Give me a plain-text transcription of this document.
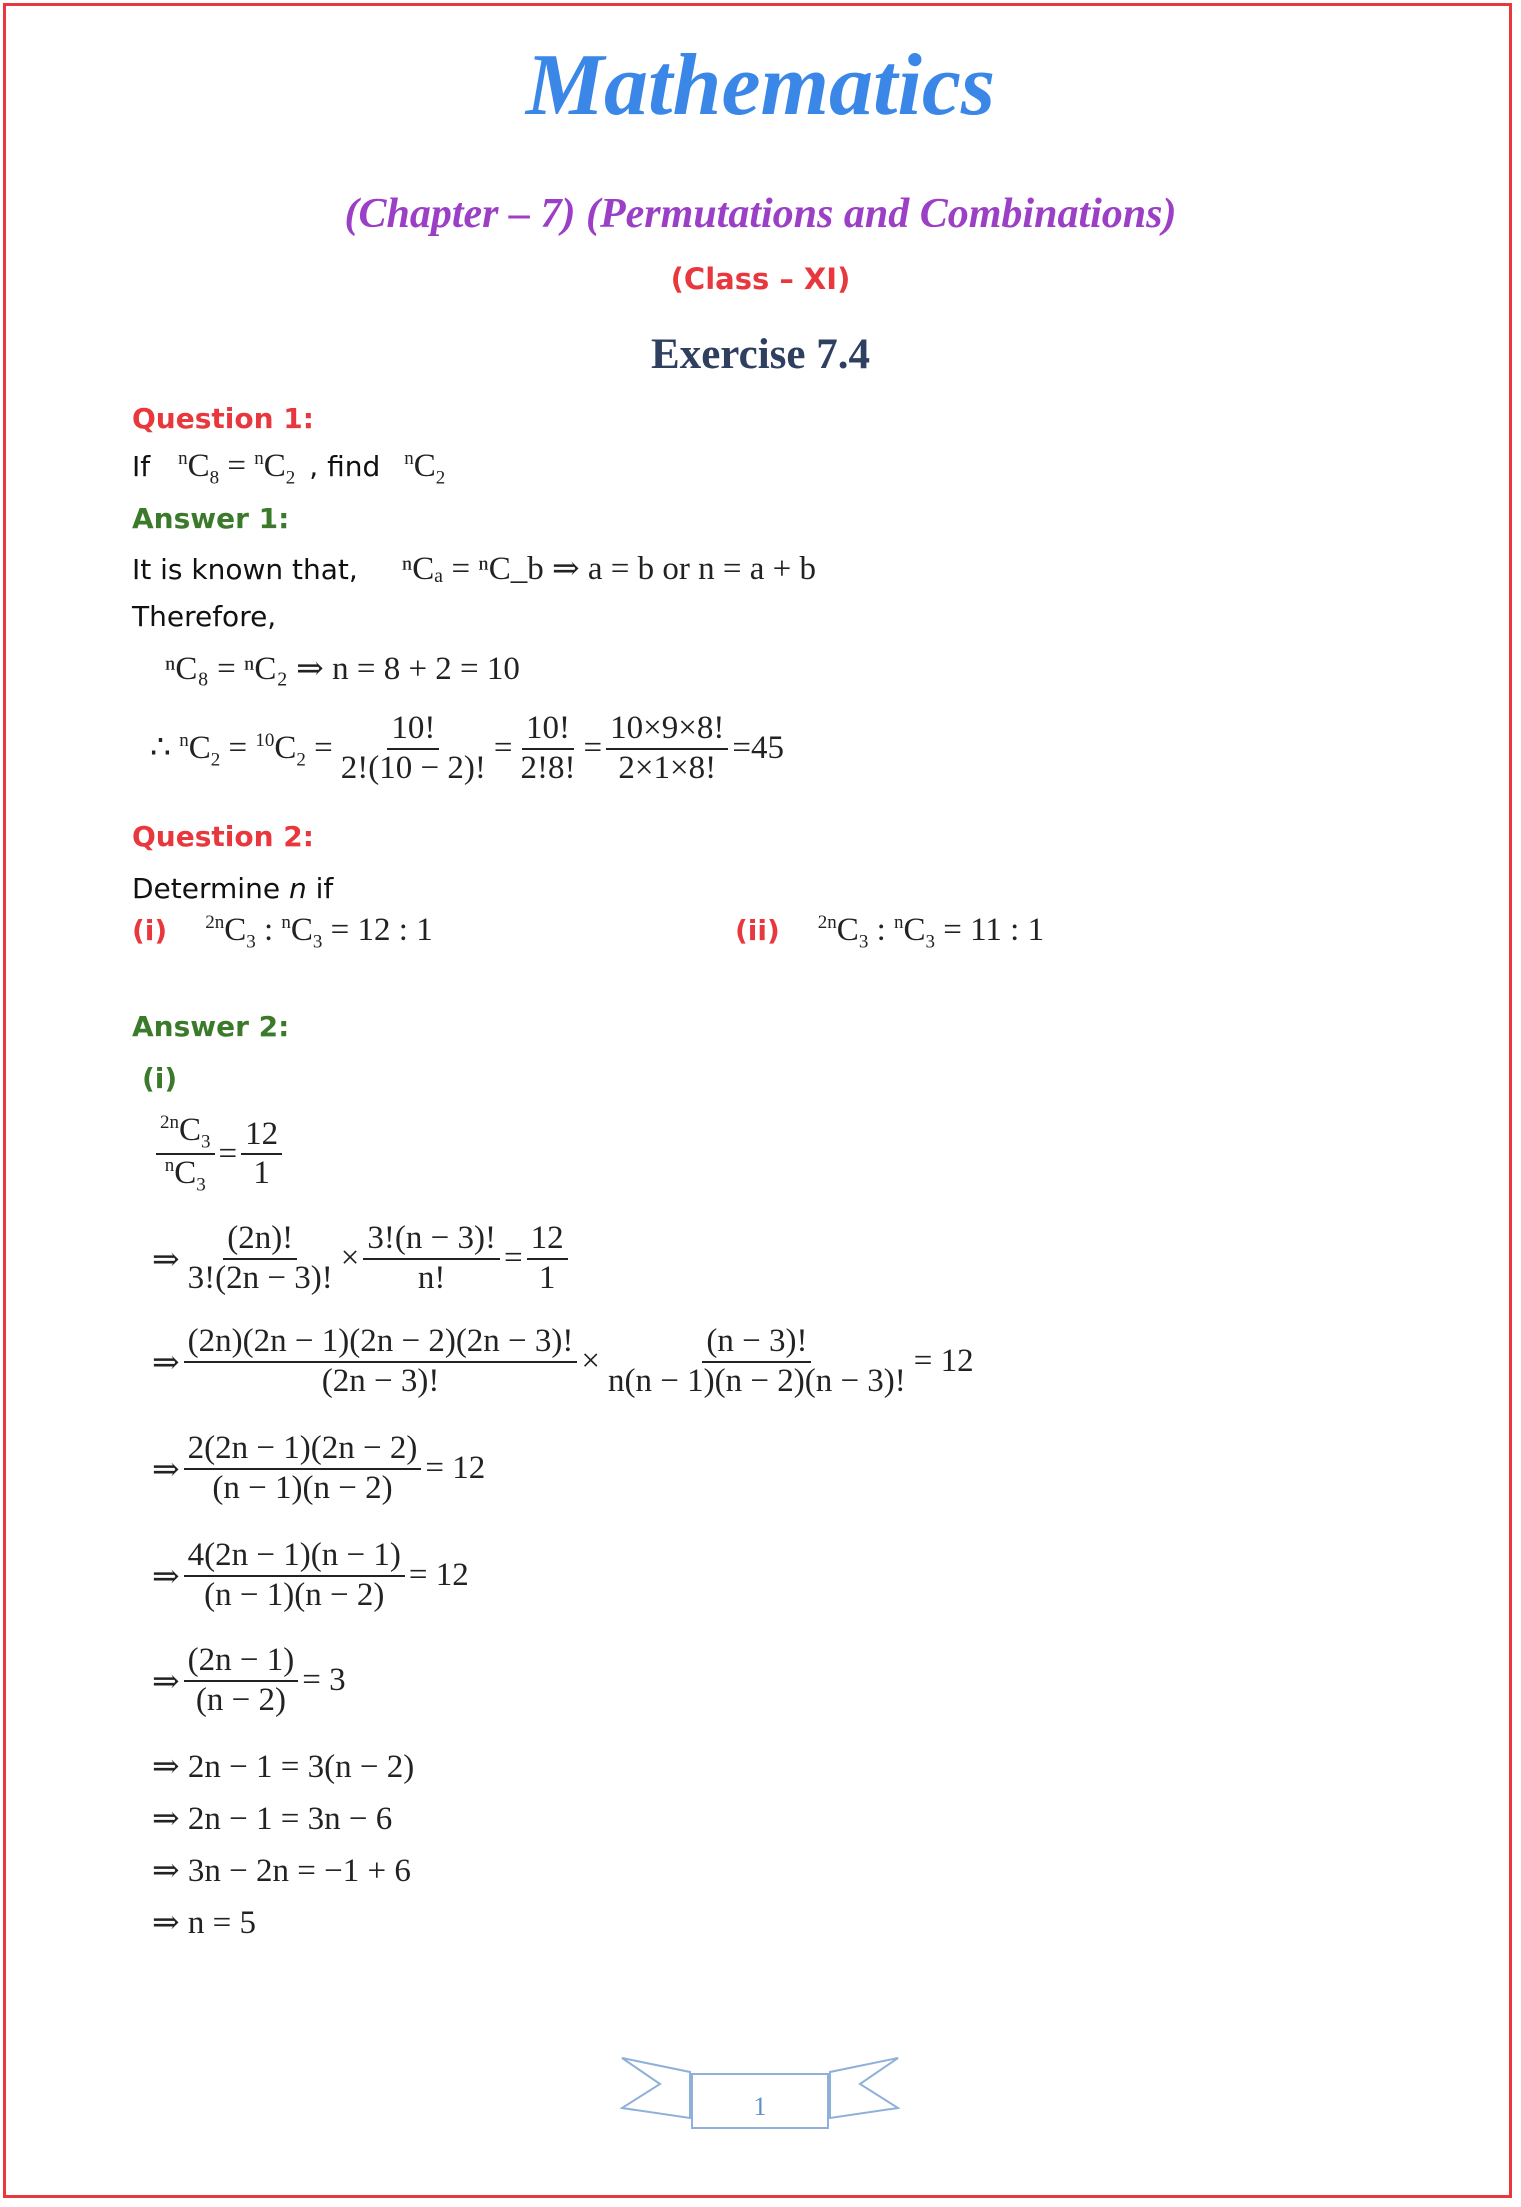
Mathematics
(Chapter – 7) (Permutations and Combinations)
(Class – XI)
Exercise 7.4
Question 1:
If $^nC_8 = ^nC_2$ , find $^nC_2$
Answer 1:
It is known that, ⁿCₐ = ⁿC_b ⇒ a = b or n = a + b
Therefore,
ⁿC₈ = ⁿC₂ ⇒ n = 8 + 2 = 10
∴ $^nC_2 = ^{10}C_2 = \frac{10!}{2!(10 - 2)!} = \frac{10!}{2!8!} = \frac{10\times 9\times 8!}{2\times 1\times 8!} = 45$
Question 2:
Determine n if
(i) $^{2n}C_3$ : $^nC_3 = 12$ : 1	(ii) $^{2n}C_3$ : $^nC_3 = 11$ : 1
Answer 2:
(i)
$\frac{^{2n}C_3}{^nC_3} = \frac{12}{1}$
⇒ $\frac{(2n)!}{3!(2n - 3)!} \times \frac{3!(n - 3)!}{n!} = \frac{12}{1}$
⇒ $\frac{(2n)(2n - 1)(2n - 2)(2n - 3)!}{(2n - 3)!} \times \frac{(n - 3)!}{n(n - 1)(n - 2)(n - 3)!} = 12$
⇒ $\frac{2(2n - 1)(2n - 2)}{(n - 1)(n - 2)} = 12$
⇒ $\frac{4(2n - 1)(n - 1)}{(n - 1)(n - 2)} = 12$
⇒ $\frac{(2n - 1)}{(n - 2)} = 3$
⇒ 2n − 1 = 3(n − 2)
⇒ 2n − 1 = 3n − 6
⇒ 3n − 2n = −1 + 6
⇒ n = 5
1
